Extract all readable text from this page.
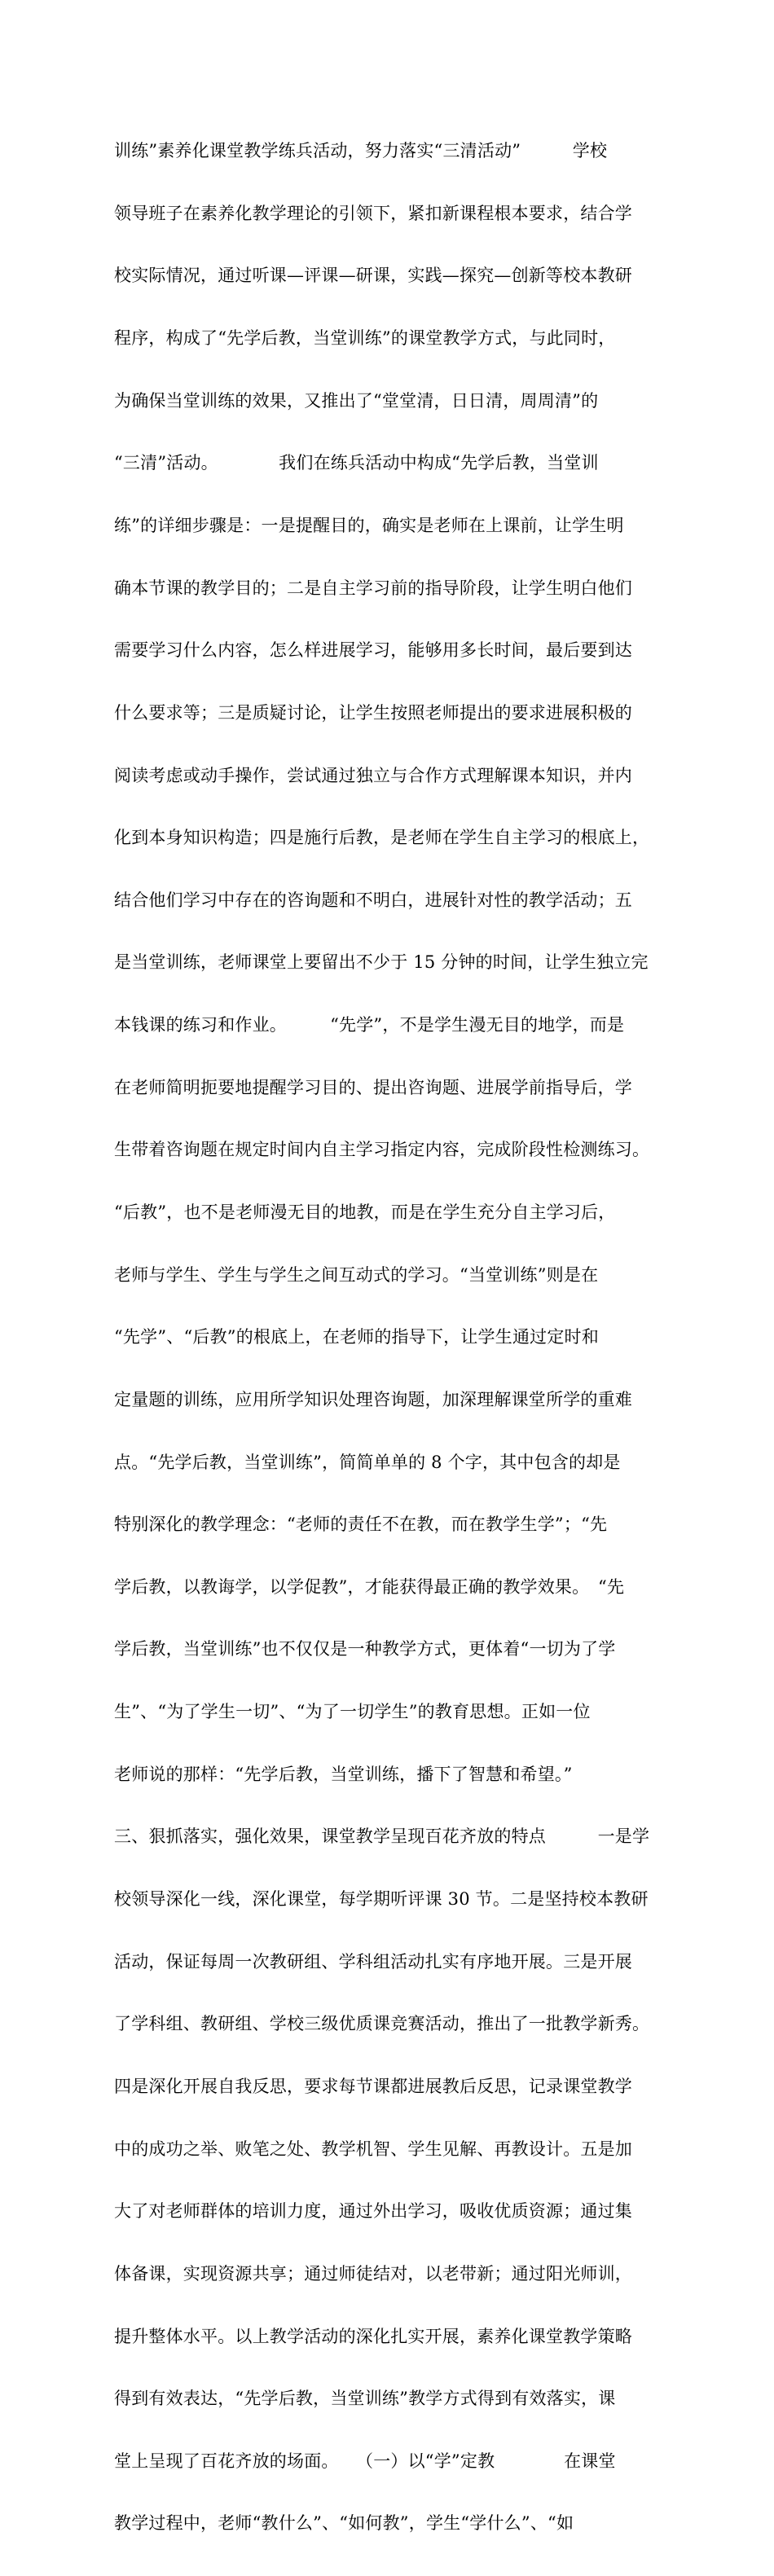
训练”素养化课堂教学练兵活动，努力落实“三清活动”　　　学校

领导班子在素养化教学理论的引领下，紧扣新课程根本要求，结合学

校实际情况，通过听课—评课—研课，实践—探究—创新等校本教研

程序，构成了“先学后教，当堂训练”的课堂教学方式，与此同时，

为确保当堂训练的效果，又推出了“堂堂清，日日清，周周清”的

“三清”活动。　　　　我们在练兵活动中构成“先学后教，当堂训

练”的详细步骤是：一是提醒目的，确实是老师在上课前，让学生明

确本节课的教学目的；二是自主学习前的指导阶段，让学生明白他们

需要学习什么内容，怎么样进展学习，能够用多长时间，最后要到达

什么要求等；三是质疑讨论，让学生按照老师提出的要求进展积极的

阅读考虑或动手操作，尝试通过独立与合作方式理解课本知识，并内

化到本身知识构造；四是施行后教，是老师在学生自主学习的根底上，

结合他们学习中存在的咨询题和不明白，进展针对性的教学活动；五

是当堂训练，老师课堂上要留出不少于 15 分钟的时间，让学生独立完

本钱课的练习和作业。　　　“先学”，不是学生漫无目的地学，而是

在老师简明扼要地提醒学习目的、提出咨询题、进展学前指导后，学

生带着咨询题在规定时间内自主学习指定内容，完成阶段性检测练习。

“后教”，也不是老师漫无目的地教，而是在学生充分自主学习后，

老师与学生、学生与学生之间互动式的学习。“当堂训练”则是在

“先学”、“后教”的根底上，在老师的指导下，让学生通过定时和

定量题的训练，应用所学知识处理咨询题，加深理解课堂所学的重难

点。“先学后教，当堂训练”，简简单单的 8 个字，其中包含的却是

特别深化的教学理念：“老师的责任不在教，而在教学生学”；“先

学后教，以教诲学，以学促教”，才能获得最正确的教学效果。　“先

学后教，当堂训练”也不仅仅是一种教学方式，更体着“一切为了学

生”、“为了学生一切”、“为了一切学生”的教育思想。正如一位

老师说的那样：“先学后教，当堂训练，播下了智慧和希望。”

三、狠抓落实，强化效果，课堂教学呈现百花齐放的特点　　　一是学

校领导深化一线，深化课堂，每学期听评课 30 节。二是坚持校本教研

活动，保证每周一次教研组、学科组活动扎实有序地开展。三是开展

了学科组、教研组、学校三级优质课竞赛活动，推出了一批教学新秀。

四是深化开展自我反思，要求每节课都进展教后反思，记录课堂教学

中的成功之举、败笔之处、教学机智、学生见解、再教设计。五是加

大了对老师群体的培训力度，通过外出学习，吸收优质资源；通过集

体备课，实现资源共享；通过师徒结对，以老带新；通过阳光师训，

提升整体水平。以上教学活动的深化扎实开展，素养化课堂教学策略

得到有效表达，“先学后教，当堂训练”教学方式得到有效落实，课

堂上呈现了百花齐放的场面。　　（一）以“学”定教　　　　在课堂

教学过程中，老师“教什么”、“如何教”，学生“学什么”、“如
